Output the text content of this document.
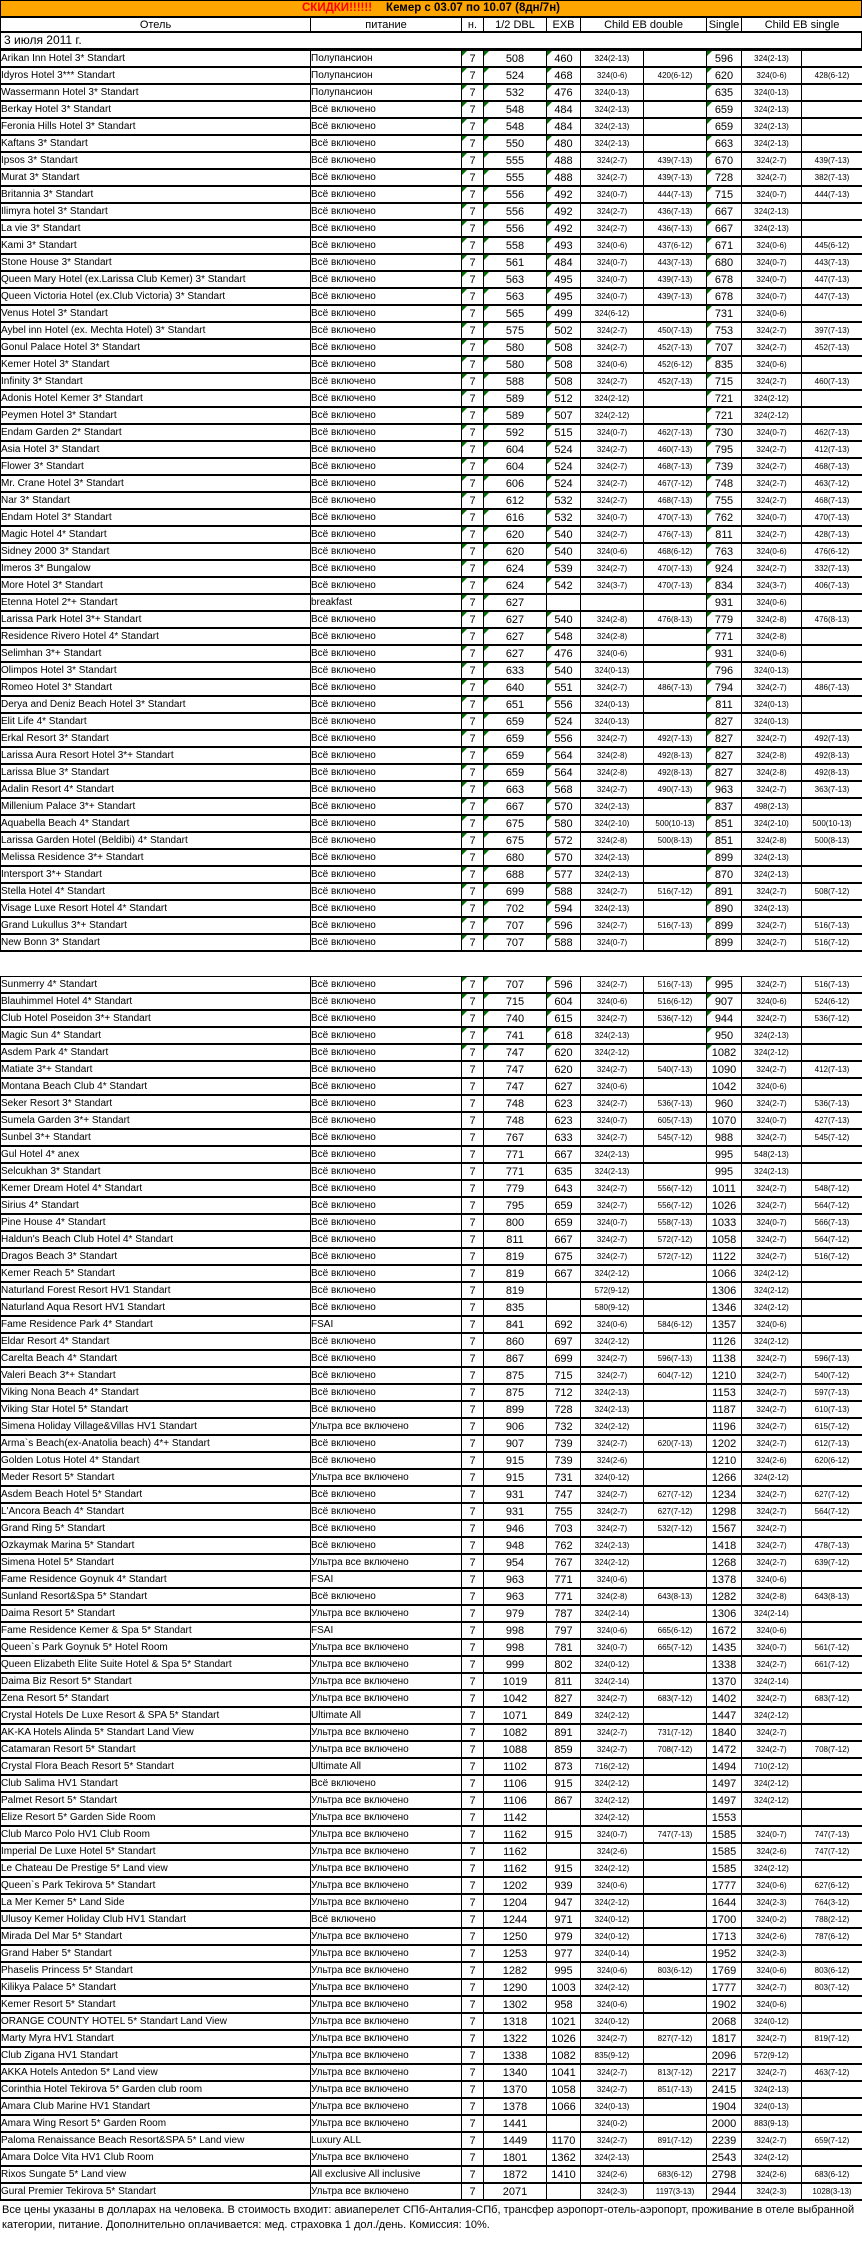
СКИДКИ!!!!!! Кемер с 03.07 по 10.07 (8дн/7н)
Отель	питание	н.	1/2 DBL	EXB	Child EB double	Single	Child EB single
3 июля 2011 г.
Arikan Inn Hotel 3* Standart	Полупансион	7	508	460	324(2-13)		596	324(2-13)	
Idyros Hotel 3*** Standart	Полупансион	7	524	468	324(0-6)	420(6-12)	620	324(0-6)	428(6-12)
Wassermann Hotel 3* Standart	Полупансион	7	532	476	324(0-13)		635	324(0-13)	
Berkay Hotel 3* Standart	Всё включено	7	548	484	324(2-13)		659	324(2-13)	
Feronia Hills Hotel 3* Standart	Всё включено	7	548	484	324(2-13)		659	324(2-13)	
Kaftans 3* Standart	Всё включено	7	550	480	324(2-13)		663	324(2-13)	
Ipsos 3* Standart	Всё включено	7	555	488	324(2-7)	439(7-13)	670	324(2-7)	439(7-13)
Murat 3* Standart	Всё включено	7	555	488	324(2-7)	439(7-13)	728	324(2-7)	382(7-13)
Britannia 3* Standart	Всё включено	7	556	492	324(0-7)	444(7-13)	715	324(0-7)	444(7-13)
Ilimyra hotel 3* Standart	Всё включено	7	556	492	324(2-7)	436(7-13)	667	324(2-13)	
La vie 3* Standart	Всё включено	7	556	492	324(2-7)	436(7-13)	667	324(2-13)	
Kami 3* Standart	Всё включено	7	558	493	324(0-6)	437(6-12)	671	324(0-6)	445(6-12)
Stone House 3* Standart	Всё включено	7	561	484	324(0-7)	443(7-13)	680	324(0-7)	443(7-13)
Queen Mary Hotel (ex.Larissa Club Kemer) 3* Standart	Всё включено	7	563	495	324(0-7)	439(7-13)	678	324(0-7)	447(7-13)
Queen Victoria Hotel (ex.Club Victoria) 3* Standart	Всё включено	7	563	495	324(0-7)	439(7-13)	678	324(0-7)	447(7-13)
Venus Hotel 3* Standart	Всё включено	7	565	499	324(6-12)		731	324(0-6)	
Aybel inn Hotel (ex. Mechta Hotel) 3* Standart	Всё включено	7	575	502	324(2-7)	450(7-13)	753	324(2-7)	397(7-13)
Gonul Palace Hotel 3* Standart	Всё включено	7	580	508	324(2-7)	452(7-13)	707	324(2-7)	452(7-13)
Kemer Hotel 3* Standart	Всё включено	7	580	508	324(0-6)	452(6-12)	835	324(0-6)	
Infinity 3* Standart	Всё включено	7	588	508	324(2-7)	452(7-13)	715	324(2-7)	460(7-13)
Adonis Hotel Kemer 3* Standart	Всё включено	7	589	512	324(2-12)		721	324(2-12)	
Peymen Hotel 3* Standart	Всё включено	7	589	507	324(2-12)		721	324(2-12)	
Endam Garden 2* Standart	Всё включено	7	592	515	324(0-7)	462(7-13)	730	324(0-7)	462(7-13)
Asia Hotel 3* Standart	Всё включено	7	604	524	324(2-7)	460(7-13)	795	324(2-7)	412(7-13)
Flower 3* Standart	Всё включено	7	604	524	324(2-7)	468(7-13)	739	324(2-7)	468(7-13)
Mr. Crane Hotel 3* Standart	Всё включено	7	606	524	324(2-7)	467(7-12)	748	324(2-7)	463(7-12)
Nar 3* Standart	Всё включено	7	612	532	324(2-7)	468(7-13)	755	324(2-7)	468(7-13)
Endam Hotel 3* Standart	Всё включено	7	616	532	324(0-7)	470(7-13)	762	324(0-7)	470(7-13)
Magic Hotel 4* Standart	Всё включено	7	620	540	324(2-7)	476(7-13)	811	324(2-7)	428(7-13)
Sidney 2000 3* Standart	Всё включено	7	620	540	324(0-6)	468(6-12)	763	324(0-6)	476(6-12)
Imeros 3* Bungalow	Всё включено	7	624	539	324(2-7)	470(7-13)	924	324(2-7)	332(7-13)
More Hotel 3* Standart	Всё включено	7	624	542	324(3-7)	470(7-13)	834	324(3-7)	406(7-13)
Etenna Hotel 2*+ Standart	breakfast	7	627				931	324(0-6)	
Larissa Park Hotel 3*+ Standart	Всё включено	7	627	540	324(2-8)	476(8-13)	779	324(2-8)	476(8-13)
Residence Rivero Hotel 4* Standart	Всё включено	7	627	548	324(2-8)		771	324(2-8)	
Selimhan 3*+ Standart	Всё включено	7	627	476	324(0-6)		931	324(0-6)	
Olimpos Hotel 3* Standart	Всё включено	7	633	540	324(0-13)		796	324(0-13)	
Romeo Hotel 3* Standart	Всё включено	7	640	551	324(2-7)	486(7-13)	794	324(2-7)	486(7-13)
Derya and Deniz Beach Hotel 3* Standart	Всё включено	7	651	556	324(0-13)		811	324(0-13)	
Elit Life 4* Standart	Всё включено	7	659	524	324(0-13)		827	324(0-13)	
Erkal Resort 3* Standart	Всё включено	7	659	556	324(2-7)	492(7-13)	827	324(2-7)	492(7-13)
Larissa Aura Resort Hotel 3*+ Standart	Всё включено	7	659	564	324(2-8)	492(8-13)	827	324(2-8)	492(8-13)
Larissa Blue 3* Standart	Всё включено	7	659	564	324(2-8)	492(8-13)	827	324(2-8)	492(8-13)
Adalin Resort 4* Standart	Всё включено	7	663	568	324(2-7)	490(7-13)	963	324(2-7)	363(7-13)
Millenium Palace 3*+ Standart	Всё включено	7	667	570	324(2-13)		837	498(2-13)	
Aquabella Beach 4* Standart	Всё включено	7	675	580	324(2-10)	500(10-13)	851	324(2-10)	500(10-13)
Larissa Garden Hotel (Beldibi) 4* Standart	Всё включено	7	675	572	324(2-8)	500(8-13)	851	324(2-8)	500(8-13)
Melissa Residence 3*+ Standart	Всё включено	7	680	570	324(2-13)		899	324(2-13)	
Intersport 3*+ Standart	Всё включено	7	688	577	324(2-13)		870	324(2-13)	
Stella Hotel 4* Standart	Всё включено	7	699	588	324(2-7)	516(7-12)	891	324(2-7)	508(7-12)
Visage Luxe Resort Hotel 4* Standart	Всё включено	7	702	594	324(2-13)		890	324(2-13)	
Grand Lukullus 3*+ Standart	Всё включено	7	707	596	324(2-7)	516(7-13)	899	324(2-7)	516(7-13)
New Bonn 3* Standart	Всё включено	7	707	588	324(0-7)		899	324(2-7)	516(7-12)
Sunmerry 4* Standart	Всё включено	7	707	596	324(2-7)	516(7-13)	995	324(2-7)	516(7-13)
Blauhimmel Hotel 4* Standart	Всё включено	7	715	604	324(0-6)	516(6-12)	907	324(0-6)	524(6-12)
Club Hotel Poseidon 3*+ Standart	Всё включено	7	740	615	324(2-7)	536(7-12)	944	324(2-7)	536(7-12)
Magic Sun 4* Standart	Всё включено	7	741	618	324(2-13)		950	324(2-13)	
Asdem Park 4* Standart	Всё включено	7	747	620	324(2-12)		1082	324(2-12)	
Matiate 3*+ Standart	Всё включено	7	747	620	324(2-7)	540(7-13)	1090	324(2-7)	412(7-13)
Montana Beach Club 4* Standart	Всё включено	7	747	627	324(0-6)		1042	324(0-6)	
Seker Resort 3* Standart	Всё включено	7	748	623	324(2-7)	536(7-13)	960	324(2-7)	536(7-13)
Sumela Garden 3*+ Standart	Всё включено	7	748	623	324(0-7)	605(7-13)	1070	324(0-7)	427(7-13)
Sunbel 3*+ Standart	Всё включено	7	767	633	324(2-7)	545(7-12)	988	324(2-7)	545(7-12)
Gul Hotel 4* anex	Всё включено	7	771	667	324(2-13)		995	548(2-13)	
Selcukhan 3* Standart	Всё включено	7	771	635	324(2-13)		995	324(2-13)	
Kemer Dream Hotel 4* Standart	Всё включено	7	779	643	324(2-7)	556(7-12)	1011	324(2-7)	548(7-12)
Sirius 4* Standart	Всё включено	7	795	659	324(2-7)	556(7-12)	1026	324(2-7)	564(7-12)
Pine House 4* Standart	Всё включено	7	800	659	324(0-7)	558(7-13)	1033	324(0-7)	566(7-13)
Haldun's Beach Club Hotel 4* Standart	Всё включено	7	811	667	324(2-7)	572(7-12)	1058	324(2-7)	564(7-12)
Dragos Beach 3* Standart	Всё включено	7	819	675	324(2-7)	572(7-12)	1122	324(2-7)	516(7-12)
Kemer Reach 5* Standart	Всё включено	7	819	667	324(2-12)		1066	324(2-12)	
Naturland Forest Resort HV1 Standart	Всё включено	7	819		572(9-12)		1306	324(2-12)	
Naturland Aqua Resort HV1 Standart	Всё включено	7	835		580(9-12)		1346	324(2-12)	
Fame Residence Park 4* Standart	FSAI	7	841	692	324(0-6)	584(6-12)	1357	324(0-6)	
Eldar Resort 4* Standart	Всё включено	7	860	697	324(2-12)		1126	324(2-12)	
Carelta Beach 4* Standart	Всё включено	7	867	699	324(2-7)	596(7-13)	1138	324(2-7)	596(7-13)
Valeri Beach 3*+ Standart	Всё включено	7	875	715	324(2-7)	604(7-12)	1210	324(2-7)	540(7-12)
Viking Nona Beach 4* Standart	Всё включено	7	875	712	324(2-13)		1153	324(2-7)	597(7-13)
Viking Star Hotel 5* Standart	Всё включено	7	899	728	324(2-13)		1187	324(2-7)	610(7-13)
Simena Holiday Village&Villas HV1 Standart	Ультра все включено	7	906	732	324(2-12)		1196	324(2-7)	615(7-12)
Arma`s Beach(ex-Anatolia beach) 4*+ Standart	Всё включено	7	907	739	324(2-7)	620(7-13)	1202	324(2-7)	612(7-13)
Golden Lotus Hotel 4* Standart	Всё включено	7	915	739	324(2-6)		1210	324(2-6)	620(6-12)
Meder Resort 5* Standart	Ультра все включено	7	915	731	324(0-12)		1266	324(2-12)	
Asdem Beach Hotel 5* Standart	Всё включено	7	931	747	324(2-7)	627(7-12)	1234	324(2-7)	627(7-12)
L'Ancora Beach 4* Standart	Всё включено	7	931	755	324(2-7)	627(7-12)	1298	324(2-7)	564(7-12)
Grand Ring 5* Standart	Всё включено	7	946	703	324(2-7)	532(7-12)	1567	324(2-7)	
Ozkaymak Marina 5* Standart	Всё включено	7	948	762	324(2-13)		1418	324(2-7)	478(7-13)
Simena Hotel 5* Standart	Ультра все включено	7	954	767	324(2-12)		1268	324(2-7)	639(7-12)
Fame Residence Goynuk 4* Standart	FSAI	7	963	771	324(0-6)		1378	324(0-6)	
Sunland Resort&Spa 5* Standart	Всё включено	7	963	771	324(2-8)	643(8-13)	1282	324(2-8)	643(8-13)
Daima Resort 5* Standart	Ультра все включено	7	979	787	324(2-14)		1306	324(2-14)	
Fame Residence Kemer & Spa 5* Standart	FSAI	7	998	797	324(0-6)	665(6-12)	1672	324(0-6)	
Queen`s Park Goynuk 5* Hotel Room	Ультра все включено	7	998	781	324(0-7)	665(7-12)	1435	324(0-7)	561(7-12)
Queen Elizabeth Elite Suite Hotel & Spa 5* Standart	Ультра все включено	7	999	802	324(0-12)		1338	324(2-7)	661(7-12)
Daima Biz Resort 5* Standart	Ультра все включено	7	1019	811	324(2-14)		1370	324(2-14)	
Zena Resort 5* Standart	Ультра все включено	7	1042	827	324(2-7)	683(7-12)	1402	324(2-7)	683(7-12)
Crystal Hotels De Luxe Resort & SPA 5* Standart	Ultimate All	7	1071	849	324(2-12)		1447	324(2-12)	
AK-KA Hotels Alinda 5* Standart Land View	Ультра все включено	7	1082	891	324(2-7)	731(7-12)	1840	324(2-7)	
Catamaran Resort 5* Standart	Ультра все включено	7	1088	859	324(2-7)	708(7-12)	1472	324(2-7)	708(7-12)
Crystal Flora Beach Resort 5* Standart	Ultimate All	7	1102	873	716(2-12)		1494	710(2-12)	
Club Salima HV1 Standart	Всё включено	7	1106	915	324(2-12)		1497	324(2-12)	
Palmet Resort 5* Standart	Ультра все включено	7	1106	867	324(2-12)		1497	324(2-12)	
Elize Resort 5* Garden Side Room	Ультра все включено	7	1142		324(2-12)		1553		
Club Marco Polo HV1 Club Room	Ультра все включено	7	1162	915	324(0-7)	747(7-13)	1585	324(0-7)	747(7-13)
Imperial De Luxe Hotel 5* Standart	Ультра все включено	7	1162		324(2-6)		1585	324(2-6)	747(7-12)
Le Chateau De Prestige 5* Land view	Ультра все включено	7	1162	915	324(2-12)		1585	324(2-12)	
Queen`s Park Tekirova 5* Standart	Ультра все включено	7	1202	939	324(0-6)		1777	324(0-6)	627(6-12)
La Mer Kemer 5* Land Side	Ультра все включено	7	1204	947	324(2-12)		1644	324(2-3)	764(3-12)
Ulusoy Kemer Holiday Club HV1 Standart	Всё включено	7	1244	971	324(0-12)		1700	324(0-2)	788(2-12)
Mirada Del Mar 5* Standart	Ультра все включено	7	1250	979	324(0-12)		1713	324(2-6)	787(6-12)
Grand Haber 5* Standart	Ультра все включено	7	1253	977	324(0-14)		1952	324(2-3)	
Phaselis Princess 5* Standart	Ультра все включено	7	1282	995	324(0-6)	803(6-12)	1769	324(0-6)	803(6-12)
Kilikya Palace 5* Standart	Ультра все включено	7	1290	1003	324(2-12)		1777	324(2-7)	803(7-12)
Kemer Resort 5* Standart	Ультра все включено	7	1302	958	324(0-6)		1902	324(0-6)	
ORANGE COUNTY HOTEL 5* Standart Land View	Ультра все включено	7	1318	1021	324(0-12)		2068	324(0-12)	
Marty Myra HV1 Standart	Ультра все включено	7	1322	1026	324(2-7)	827(7-12)	1817	324(2-7)	819(7-12)
Club Zigana HV1 Standart	Ультра все включено	7	1338	1082	835(9-12)		2096	572(9-12)	
AKKA Hotels Antedon 5* Land view	Ультра все включено	7	1340	1041	324(2-7)	813(7-12)	2217	324(2-7)	463(7-12)
Corinthia Hotel Tekirova 5* Garden club room	Ультра все включено	7	1370	1058	324(2-7)	851(7-13)	2415	324(2-13)	
Amara Club Marine HV1 Standart	Ультра все включено	7	1378	1066	324(0-13)		1904	324(0-13)	
Amara Wing Resort 5* Garden Room	Ультра все включено	7	1441		324(0-2)		2000	883(9-13)	
Paloma Renaissance Beach Resort&SPA 5* Land view	Luxury ALL	7	1449	1170	324(2-7)	891(7-12)	2239	324(2-7)	659(7-12)
Amara Dolce Vita HV1 Club Room	Ультра все включено	7	1801	1362	324(2-13)		2543	324(2-12)	
Rixos Sungate 5* Land view	All exclusive All inclusive	7	1872	1410	324(2-6)	683(6-12)	2798	324(2-6)	683(6-12)
Gural Premier Tekirova 5* Standart	Ультра все включено	7	2071		324(2-3)	1197(3-13)	2944	324(2-3)	1028(3-13)
Все цены указаны в долларах на человека. В стоимость входит: авиаперелет СПб-Анталия-СПб, трансфер аэропорт-отель-аэропорт, проживание в отеле выбранной категории, питание. Дополнительно оплачивается: мед. страховка 1 дол./день. Комиссия: 10%.
